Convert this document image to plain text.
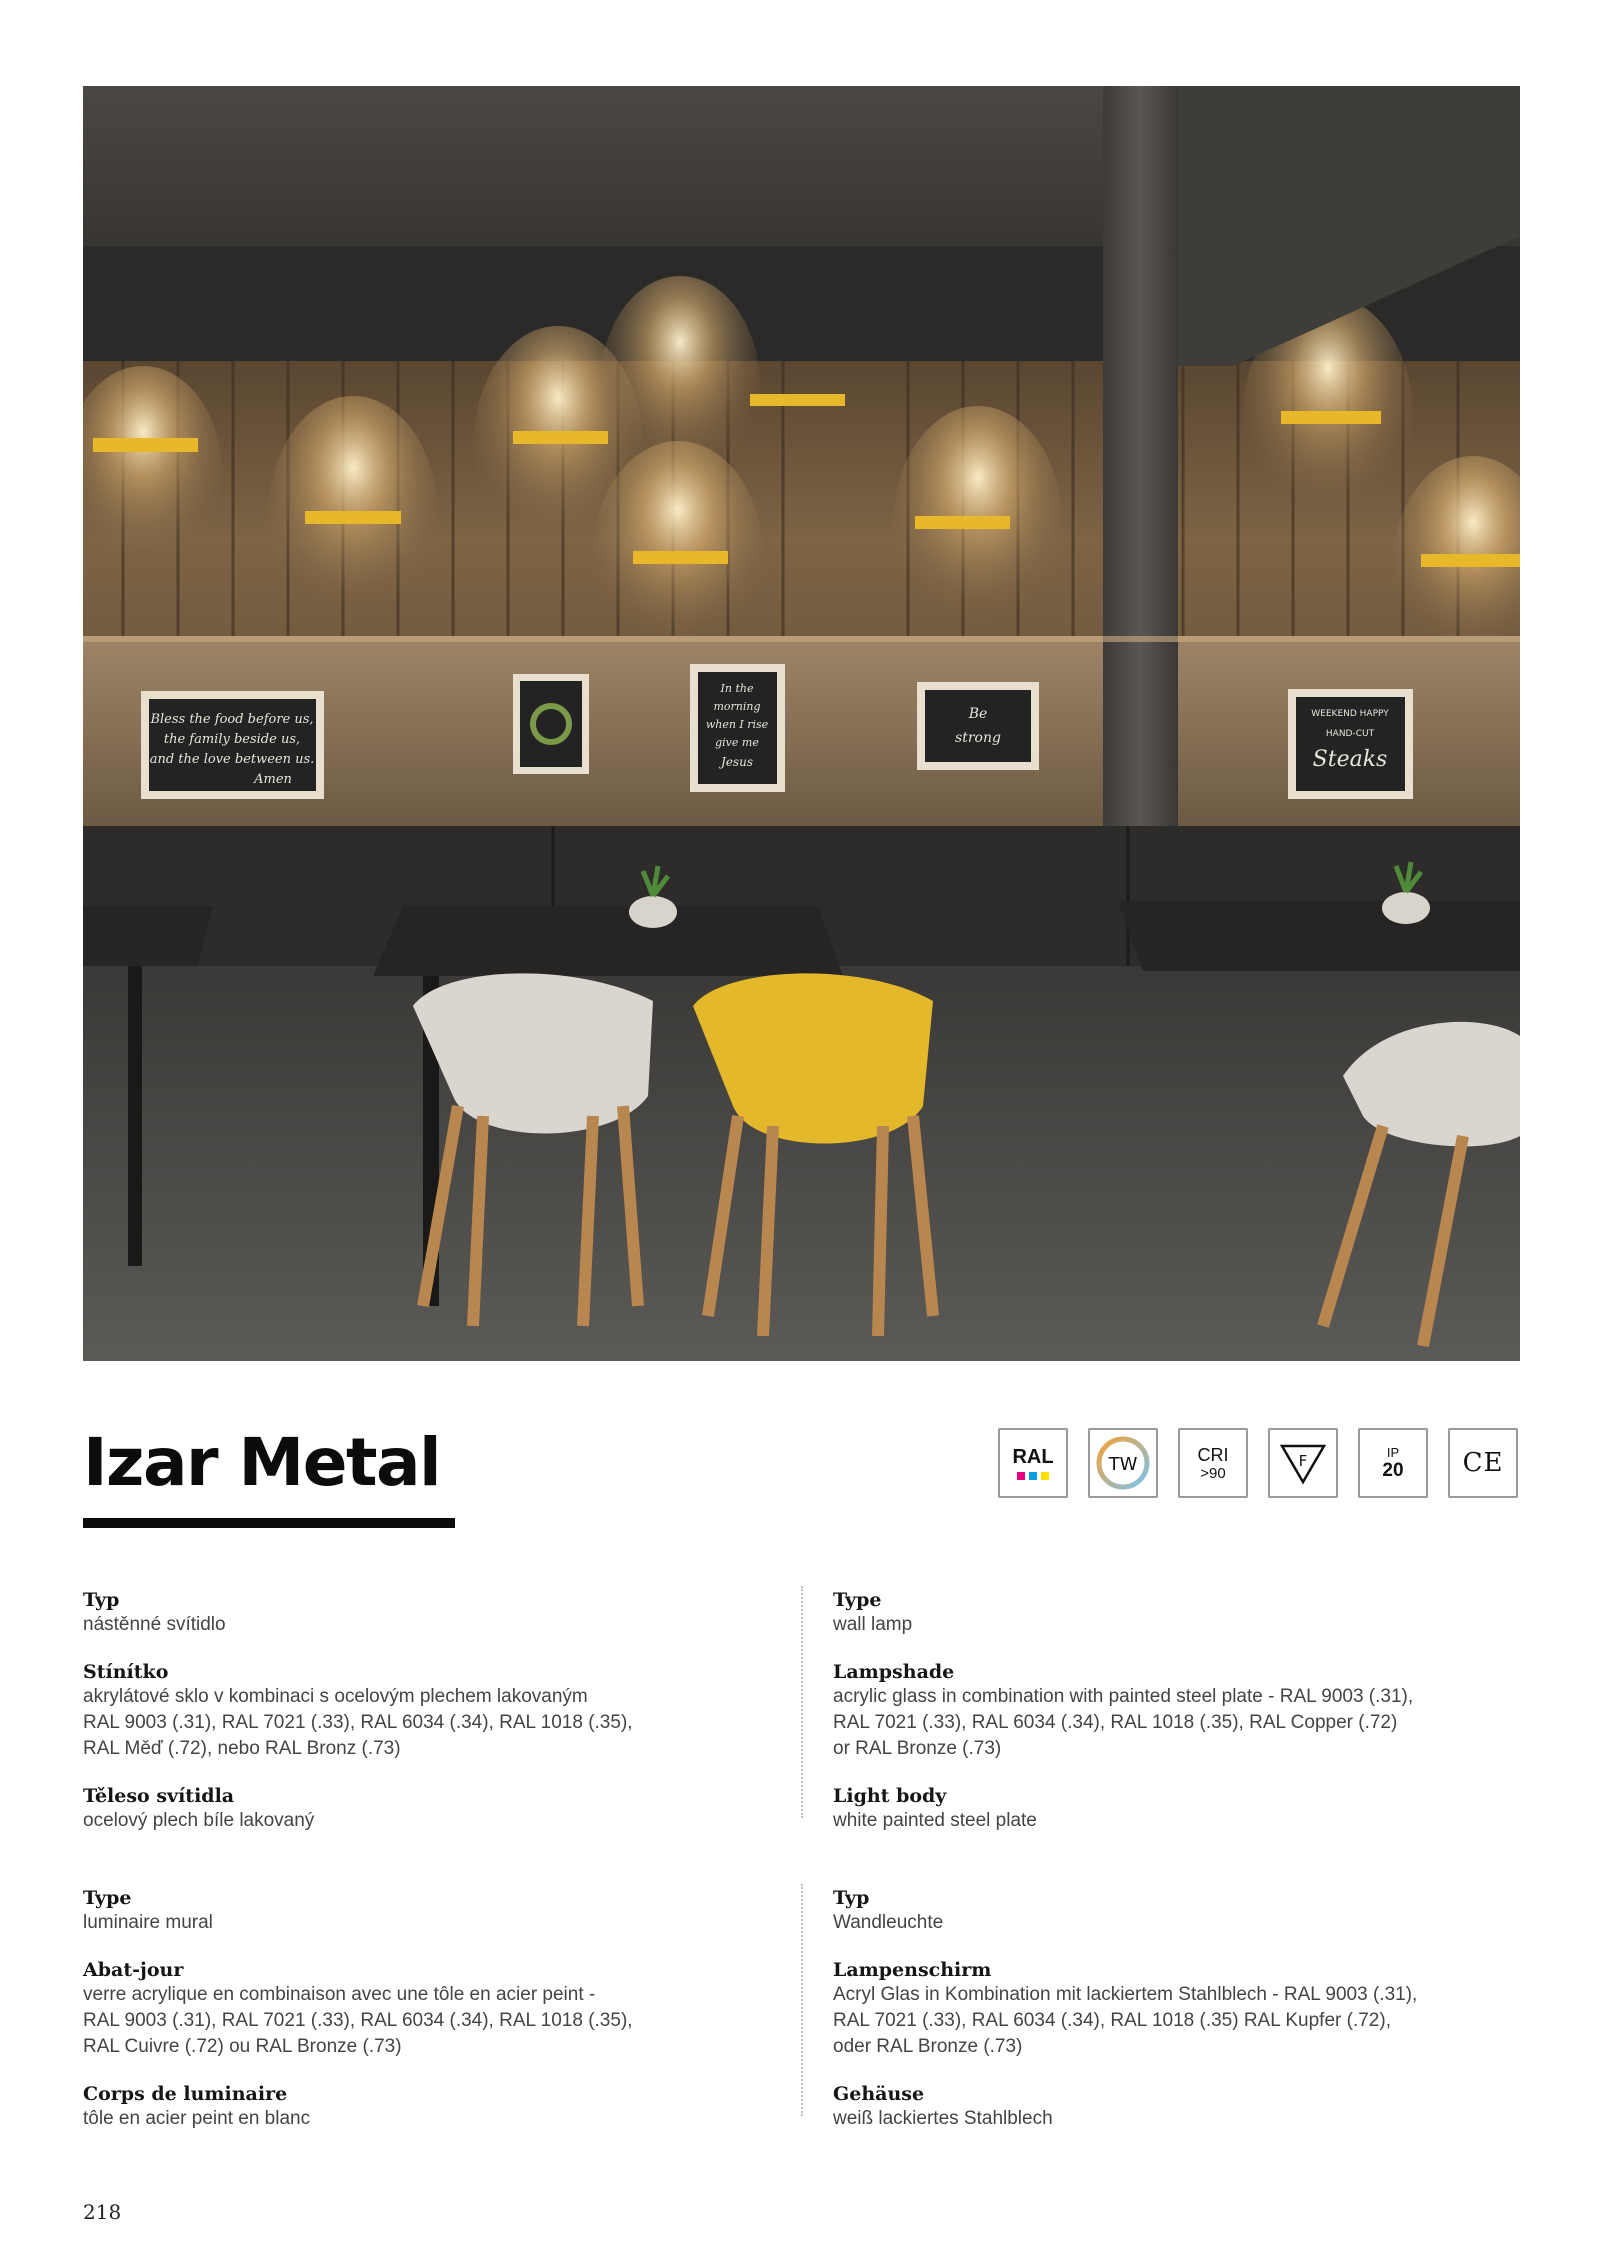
Bless the food before us,
the family beside us,
and the love between us.
Amen
In the
morning
when I rise
give me
Jesus
Be
strong
WEEKEND HAPPY
HAND-CUT
Steaks
Izar Metal	RAL	TW	CRI
>90
F	IP
20 CE
Typ
nástěnné svítidlo
Stínítko
akrylátové sklo v kombinaci s ocelovým plechem lakovaným
RAL 9003 (.31), RAL 7021 (.33), RAL 6034 (.34), RAL 1018 (.35),
RAL Měď (.72), nebo RAL Bronz (.73)
Těleso svítidla
ocelový plech bíle lakovaný
Type
wall lamp
Lampshade
acrylic glass in combination with painted steel plate - RAL 9003 (.31),
RAL 7021 (.33), RAL 6034 (.34), RAL 1018 (.35), RAL Copper (.72)
or RAL Bronze (.73)
Light body
white painted steel plate
Type
luminaire mural
Abat-jour
verre acrylique en combinaison avec une tôle en acier peint -
RAL 9003 (.31), RAL 7021 (.33), RAL 6034 (.34), RAL 1018 (.35),
RAL Cuivre (.72) ou RAL Bronze (.73)
Corps de luminaire
tôle en acier peint en blanc
Typ
Wandleuchte
Lampenschirm
Acryl Glas in Kombination mit lackiertem Stahlblech - RAL 9003 (.31),
RAL 7021 (.33), RAL 6034 (.34), RAL 1018 (.35) RAL Kupfer (.72),
oder RAL Bronze (.73)
Gehäuse
weiß lackiertes Stahlblech
218
